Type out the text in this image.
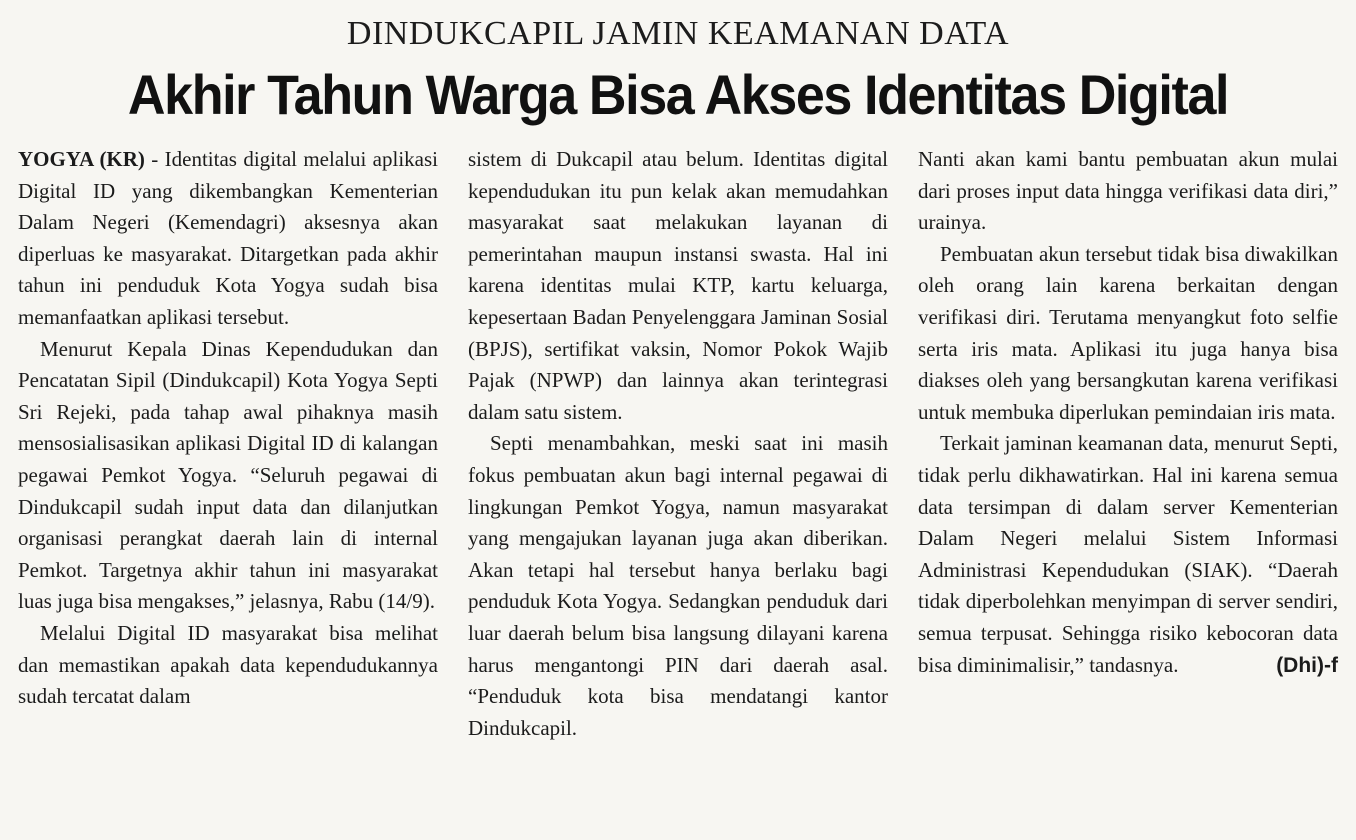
DINDUKCAPIL JAMIN KEAMANAN DATA
Akhir Tahun Warga Bisa Akses Identitas Digital

YOGYA (KR) - Identitas digital melalui aplikasi Digital ID yang dikembangkan Kementerian Dalam Negeri (Kemendagri) aksesnya akan diperluas ke masyarakat. Ditargetkan pada akhir tahun ini penduduk Kota Yogya sudah bisa memanfaatkan aplikasi tersebut.

Menurut Kepala Dinas Kependudukan dan Pencatatan Sipil (Dindukcapil) Kota Yogya Septi Sri Rejeki, pada tahap awal pihaknya masih mensosialisasikan aplikasi Digital ID di kalangan pegawai Pemkot Yogya. “Seluruh pegawai di Dindukcapil sudah input data dan dilanjutkan organisasi perangkat daerah lain di internal Pemkot. Targetnya akhir tahun ini masyarakat luas juga bisa mengakses,” jelasnya, Rabu (14/9).

Melalui Digital ID masyarakat bisa melihat dan memastikan apakah data kependudukannya sudah tercatat dalam

sistem di Dukcapil atau belum. Identitas digital kependudukan itu pun kelak akan memudahkan masyarakat saat melakukan layanan di pemerintahan maupun instansi swasta. Hal ini karena identitas mulai KTP, kartu keluarga, kepesertaan Badan Penyelenggara Jaminan Sosial (BPJS), sertifikat vaksin, Nomor Pokok Wajib Pajak (NPWP) dan lainnya akan terintegrasi dalam satu sistem.

Septi menambahkan, meski saat ini masih fokus pembuatan akun bagi internal pegawai di lingkungan Pemkot Yogya, namun masyarakat yang mengajukan layanan juga akan diberikan. Akan tetapi hal tersebut hanya berlaku bagi penduduk Kota Yogya. Sedangkan penduduk dari luar daerah belum bisa langsung dilayani karena harus mengantongi PIN dari daerah asal. “Penduduk kota bisa mendatangi kantor Dindukcapil.

Nanti akan kami bantu pembuatan akun mulai dari proses input data hingga verifikasi data diri,” urainya.

Pembuatan akun tersebut tidak bisa diwakilkan oleh orang lain karena berkaitan dengan verifikasi diri. Terutama menyangkut foto selfie serta iris mata. Aplikasi itu juga hanya bisa diakses oleh yang bersangkutan karena verifikasi untuk membuka diperlukan pemindaian iris mata.

Terkait jaminan keamanan data, menurut Septi, tidak perlu dikhawatirkan. Hal ini karena semua data tersimpan di dalam server Kementerian Dalam Negeri melalui Sistem Informasi Administrasi Kependudukan (SIAK). “Daerah tidak diperbolehkan menyimpan di server sendiri, semua terpusat. Sehingga risiko kebocoran data bisa diminimalisir,” tandasnya.	(Dhi)-f
